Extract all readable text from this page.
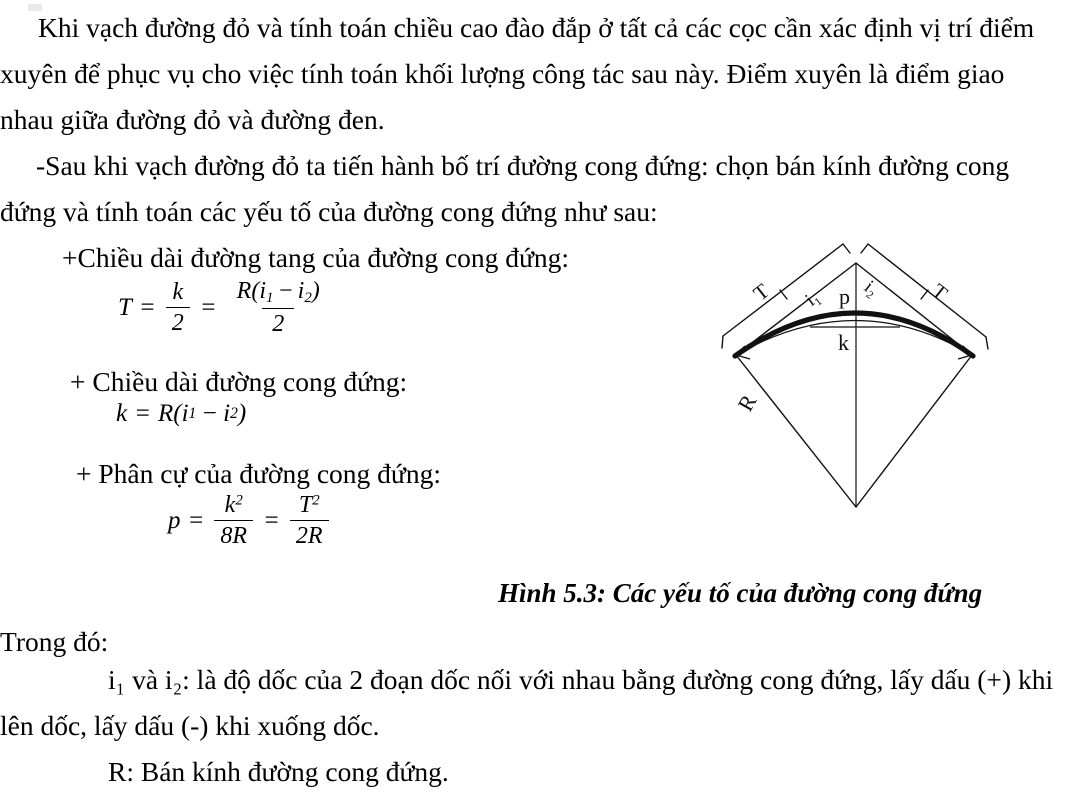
Khi vạch đường đỏ và tính toán chiều cao đào đắp ở tất cả các cọc cần xác định vị trí điểm
xuyên để phục vụ cho việc tính toán khối lượng công tác sau này. Điểm xuyên là điểm giao
nhau giữa đường đỏ và đường đen.
-Sau khi vạch đường đỏ ta tiến hành bố trí đường cong đứng: chọn bán kính đường cong
đứng và tính toán các yếu tố của đường cong đứng như sau:
+Chiều dài đường tang của đường cong đứng:
$T = \frac{k}{2} = \frac{R(i_1 - i_2)}{2}$
+ Chiều dài đường cong đứng:
k = R ( i 1 − i 2 )
+ Phân cự của đường cong đứng:
$p = \frac{k^2}{8R} = \frac{T^2}{2R}$
T	T
i₁ i₂
p
k
R
Hình 5.3: Các yếu tố của đường cong đứng
Trong đó:
i₁ và i₂: là độ dốc của 2 đoạn dốc nối với nhau bằng đường cong đứng, lấy dấu (+) khi
lên dốc, lấy dấu (-) khi xuống dốc.
R: Bán kính đường cong đứng.
